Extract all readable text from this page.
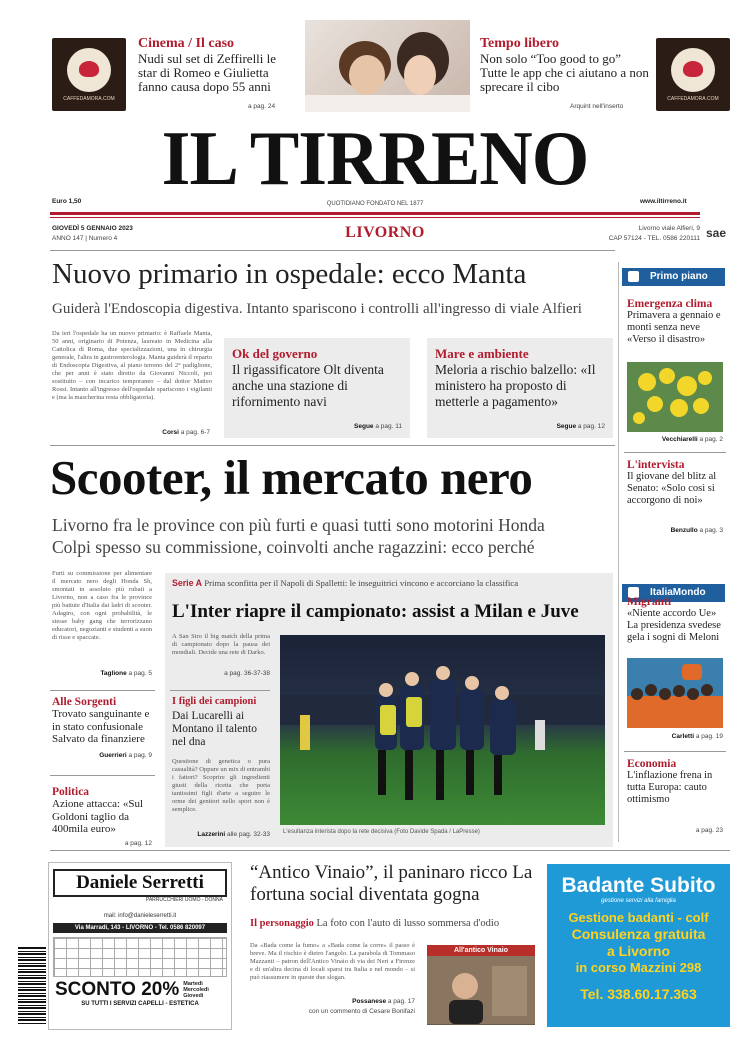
CAFFEDAMORA.COM
Cinema / Il caso
Nudi sul set di Zeffirelli le star di Romeo e Giulietta fanno causa dopo 55 anni
a pag. 24
Tempo libero
Non solo “Too good to go” Tutte le app che ci aiutano a non sprecare il cibo
Arquint nell'inserto
CAFFEDAMORA.COM
IL TIRRENO
Euro 1,50	QUOTIDIANO FONDATO NEL 1877	www.iltirreno.it
GIOVEDÌ 5 GENNAIO 2023
ANNO 147 | Numero 4	LIVORNO	Livorno viale Alfieri, 9
CAP 57124 - TEL. 0586 220111 sae
Nuovo primario in ospedale: ecco Manta
Guiderà l'Endoscopia digestiva. Intanto spariscono i controlli all'ingresso di viale Alfieri
Da ieri l'ospedale ha un nuovo primario: è Raffaele Manta, 50 anni, originario di Potenza, laureato in Medicina alla Cattolica di Roma, due specializzazioni, una in chirurgia generale, l'altra in gastroenterologia. Manta guiderà il reparto di Endoscopia Digestiva, al piano terreno del 2° padiglione, che per anni è stato diretto da Giovanni Niccoli, poi sostituito – con incarico temporaneo – dal dottor Matteo Rossi. Intanto all'ingresso dell'ospedale spariscono i vigilanti e (ma la mascherina resta obbligatoria).
Corsi a pag. 6-7
Ok del governo
Il rigassificatore Olt diventa anche una stazione di rifornimento navi
Segue a pag. 11
Mare e ambiente
Meloria a rischio balzello: «Il ministero ha proposto di metterle a pagamento»
Segue a pag. 12
Scooter, il mercato nero
Livorno fra le province con più furti e quasi tutti sono motorini Honda
Colpi spesso su commissione, coinvolti anche ragazzini: ecco perché
Furti su commissione per alimentare il mercato nero degli Honda Sh, smontati in assoluto più rubati a Livorno, non a caso fra le province più battute d'Italia dai ladri di scooter. Adagiro, con ogni probabilità, le stesse baby gang che terrorizzano educatori, negozianti e studenti a suon di risse e spaccate.
Taglione a pag. 5
Alle Sorgenti
Trovato sanguinante e in stato confusionale Salvato da finanziere
Guerrieri a pag. 9
Politica
Azione attacca: «Sul Goldoni taglio da 400mila euro»
a pag. 12
Serie A Prima sconfitta per il Napoli di Spalletti: le inseguitrici vincono e accorciano la classifica
L'Inter riapre il campionato: assist a Milan e Juve
A San Siro il big match della prima di campionato dopo la pausa dei mondiali. Decide una rete di Darko.
a pag. 36-37-38
I figli dei campioni
Dai Lucarelli ai Montano il talento nel dna
Questione di genetica o pura casualità? Oppure un mix di entrambi i fattori? Scoprire gli ingredienti giusti della ricetta che porta tantissimi figli d'arte a seguire le orme dei genitori nello sport non è semplice.
Lazzerini alle pag. 32-33 L'esultanza interista dopo la rete decisiva (Foto Davide Spada / LaPresse)
Primo piano
Emergenza clima
Primavera a gennaio e monti senza neve «Verso il disastro»
Vecchiarelli a pag. 2
L'intervista
Il giovane del blitz al Senato: «Solo così si accorgono di noi»
Benzullo a pag. 3
ItaliaMondo
Migranti
«Niente accordo Ue» La presidenza svedese gela i sogni di Meloni
Carletti a pag. 19
Economia
L'inflazione frena in tutta Europa: cauto ottimismo
a pag. 23
Daniele Serretti
PARRUCCHIERI UOMO - DONNA
mail: info@danieleserretti.it
Via Marradi, 143 - LIVORNO - Tel. 0586 820097
SCONTO 20% Martedì Mercoledì Giovedì
SU TUTTI I SERVIZI CAPELLI - ESTETICA
“Antico Vinaio”, il paninaro ricco La fortuna social diventata gogna
Il personaggio La foto con l'auto di lusso sommersa d'odio
Da «Bada come la fumo» a «Bada come la corre» il passo è breve. Ma il rischio è dietro l'angolo. La parabola di Tommaso Mazzanti – patron dell'Antico Vinaio di via dei Neri a Firenze e di un'altra decina di locali sparsi tra Italia e nel mondo – si può riassumere in queste due slogan.
Possanese a pag. 17
con un commento di Cesare Bonifazi
All'antico Vinaio
Badante Subito
gestione servizi alla famiglia
Gestione badanti - colf
Consulenza gratuita
a Livorno
in corso Mazzini 298
Tel. 338.60.17.363
